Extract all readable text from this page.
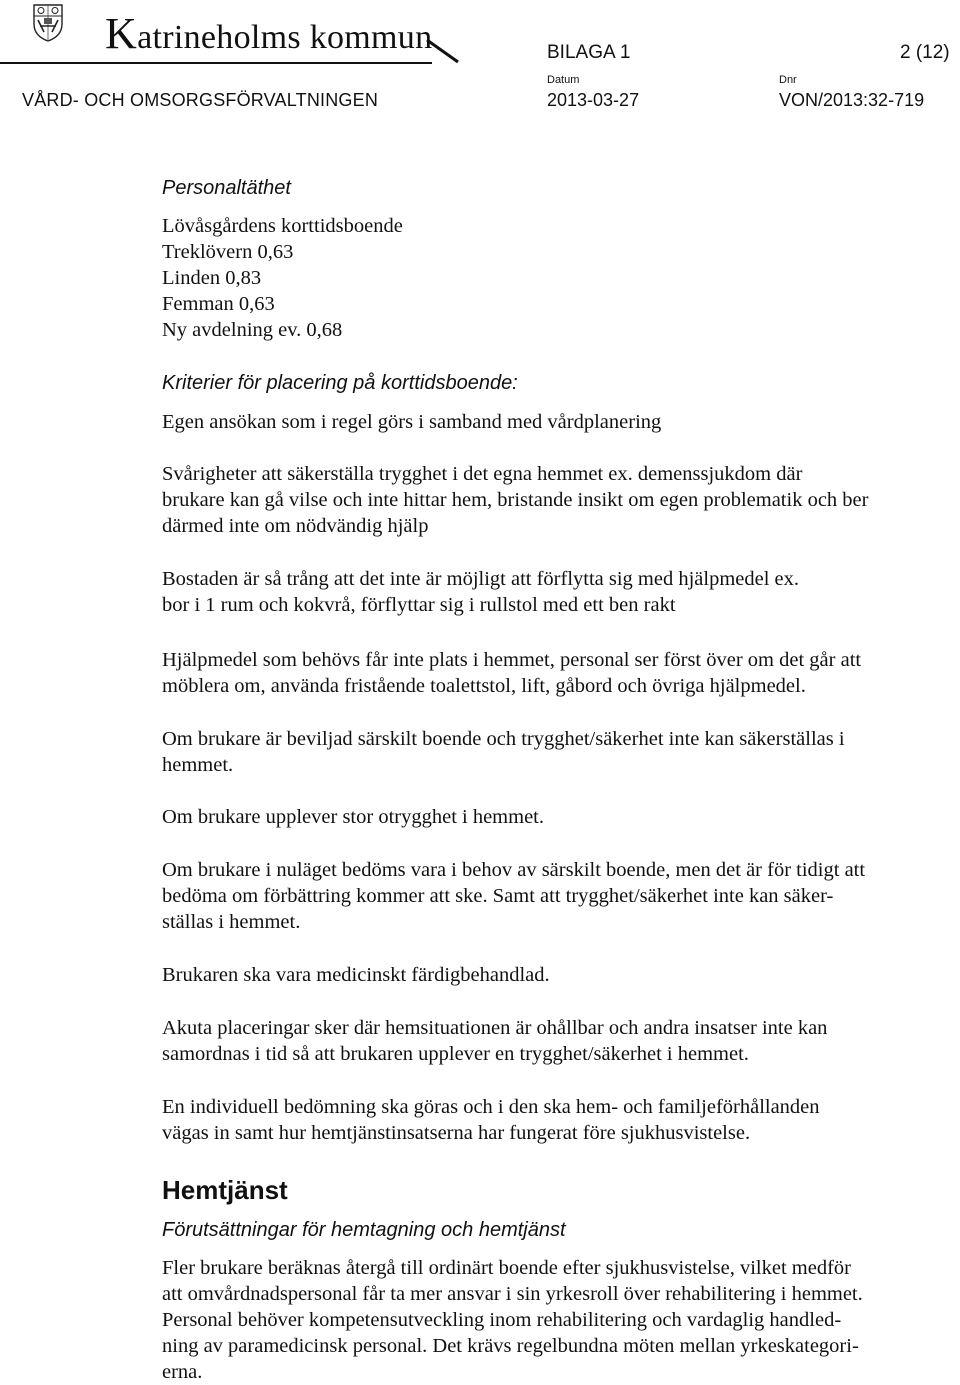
Katrineholms kommun
VÅRD- OCH OMSORGSFÖRVALTNINGEN
BILAGA 1	2 (12)
Datum
2013-03-27
Dnr
VON/2013:32-719
Personaltäthet
Lövåsgårdens korttidsboende
Treklövern 0,63
Linden 0,83
Femman 0,63
Ny avdelning ev. 0,68
Kriterier för placering på korttidsboende:
Egen ansökan som i regel görs i samband med vårdplanering
Svårigheter att säkerställa trygghet i det egna hemmet ex. demenssjukdom där
brukare kan gå vilse och inte hittar hem, bristande insikt om egen problematik och ber
därmed inte om nödvändig hjälp
Bostaden är så trång att det inte är möjligt att förflytta sig med hjälpmedel ex.
bor i 1 rum och kokvrå, förflyttar sig i rullstol med ett ben rakt
Hjälpmedel som behövs får inte plats i hemmet, personal ser först över om det går att
möblera om, använda fristående toalettstol, lift, gåbord och övriga hjälpmedel.
Om brukare är beviljad särskilt boende och trygghet/säkerhet inte kan säkerställas i
hemmet.
Om brukare upplever stor otrygghet i hemmet.
Om brukare i nuläget bedöms vara i behov av särskilt boende, men det är för tidigt att
bedöma om förbättring kommer att ske. Samt att trygghet/säkerhet inte kan säker-
ställas i hemmet.
Brukaren ska vara medicinskt färdigbehandlad.
Akuta placeringar sker där hemsituationen är ohållbar och andra insatser inte kan
samordnas i tid så att brukaren upplever en trygghet/säkerhet i hemmet.
En individuell bedömning ska göras och i den ska hem- och familjeförhållanden
vägas in samt hur hemtjänstinsatserna har fungerat före sjukhusvistelse.
Hemtjänst
Förutsättningar för hemtagning och hemtjänst
Fler brukare beräknas återgå till ordinärt boende efter sjukhusvistelse, vilket medför
att omvårdnadspersonal får ta mer ansvar i sin yrkesroll över rehabilitering i hemmet.
Personal behöver kompetensutveckling inom rehabilitering och vardaglig handled-
ning av paramedicinsk personal. Det krävs regelbundna möten mellan yrkeskategori-
erna.
